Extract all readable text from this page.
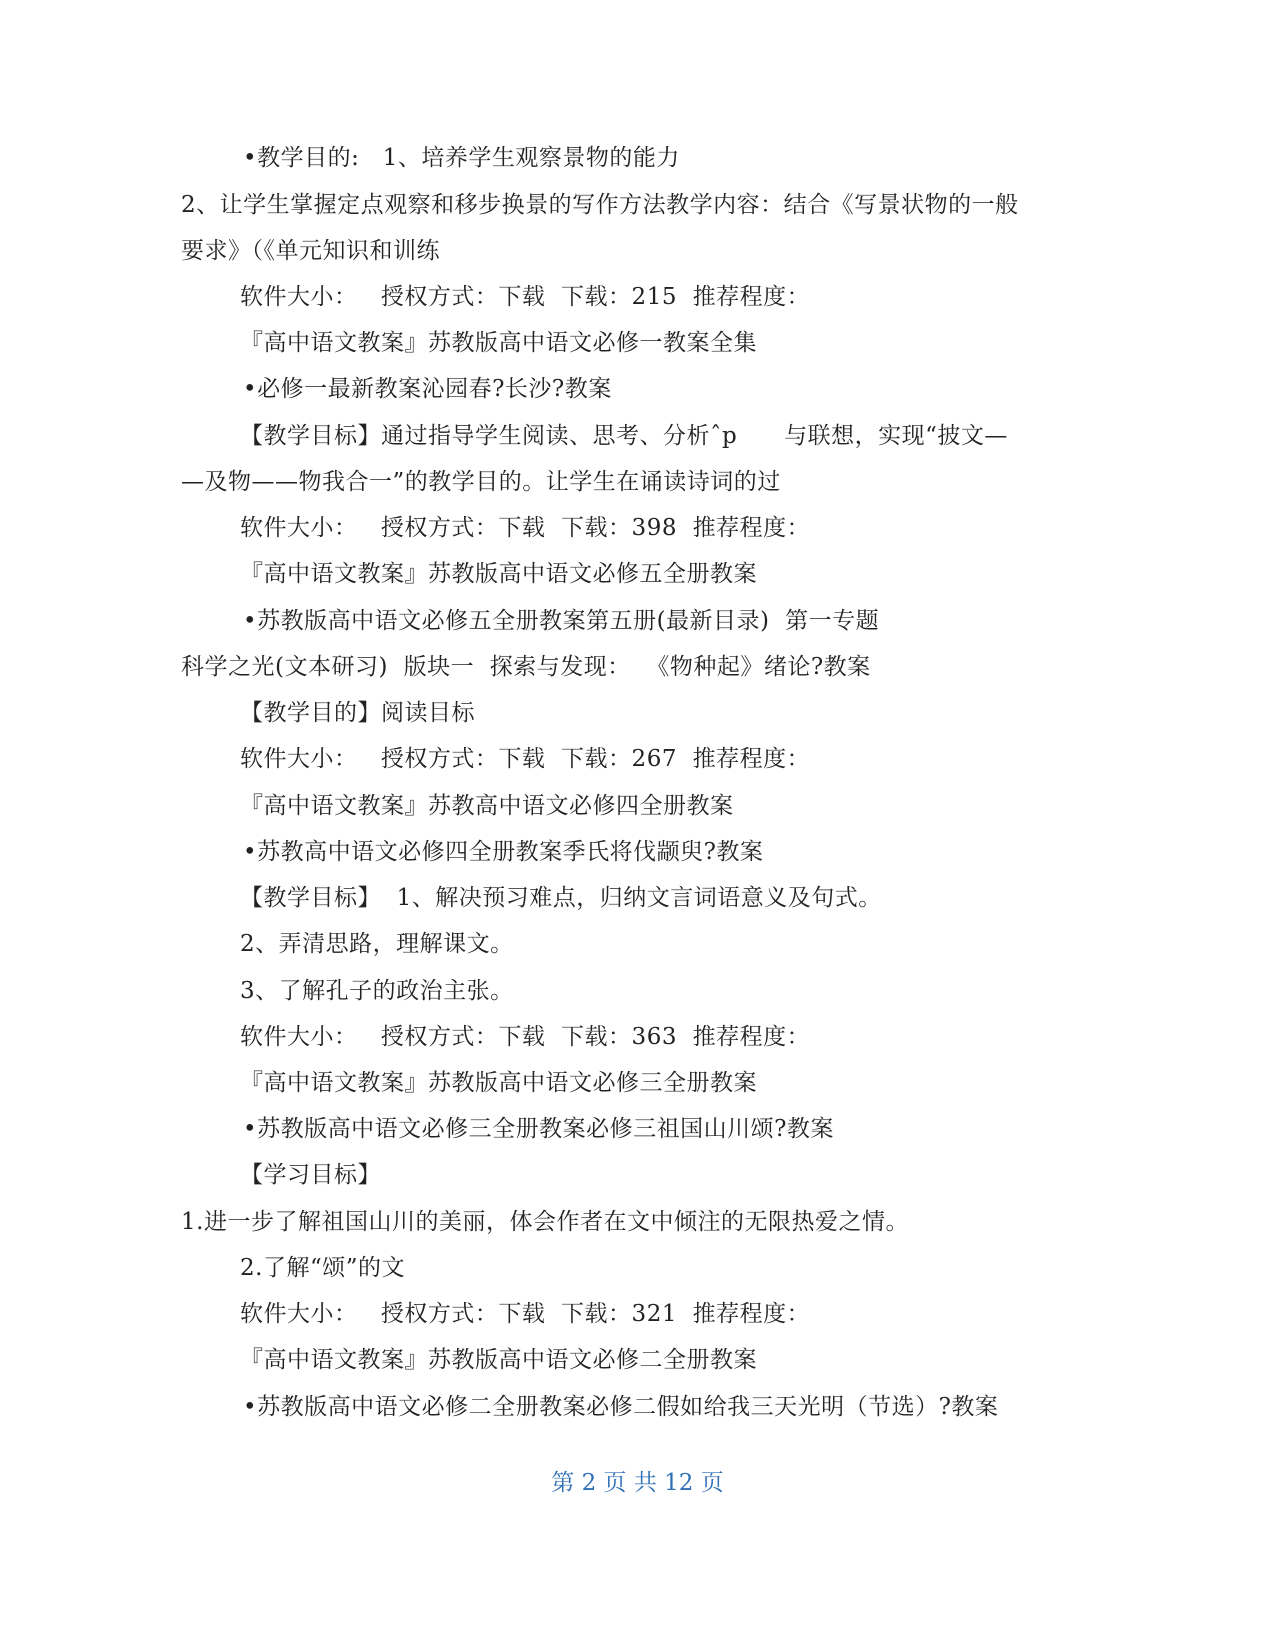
•教学目的:   1、培养学生观察景物的能力
2、让学生掌握定点观察和移步换景的写作方法教学内容：结合《写景状物的一般
要求》（《单元知识和训练
软件大小：   授权方式：下载  下载：215  推荐程度：
『高中语文教案』苏教版高中语文必修一教案全集
•必修一最新教案沁园春?长沙?教案
【教学目标】通过指导学生阅读、思考、分析ˆp      与联想，实现“披文—
—及物——物我合一”的教学目的。让学生在诵读诗词的过
软件大小：   授权方式：下载  下载：398  推荐程度：
『高中语文教案』苏教版高中语文必修五全册教案
•苏教版高中语文必修五全册教案第五册(最新目录)  第一专题
科学之光(文本研习)  版块一  探索与发现：  《物种起》绪论?教案
【教学目的】阅读目标
软件大小：   授权方式：下载  下载：267  推荐程度：
『高中语文教案』苏教高中语文必修四全册教案
•苏教高中语文必修四全册教案季氏将伐颛臾?教案
【教学目标】  1、解决预习难点，归纳文言词语意义及句式。
2、弄清思路，理解课文。
3、了解孔子的政治主张。
软件大小：   授权方式：下载  下载：363  推荐程度：
『高中语文教案』苏教版高中语文必修三全册教案
•苏教版高中语文必修三全册教案必修三祖国山川颂?教案
【学习目标】
1.进一步了解祖国山川的美丽，体会作者在文中倾注的无限热爱之情。
2.了解“颂”的文
软件大小：   授权方式：下载  下载：321  推荐程度：
『高中语文教案』苏教版高中语文必修二全册教案
•苏教版高中语文必修二全册教案必修二假如给我三天光明（节选）?教案
第 2 页 共 12 页
